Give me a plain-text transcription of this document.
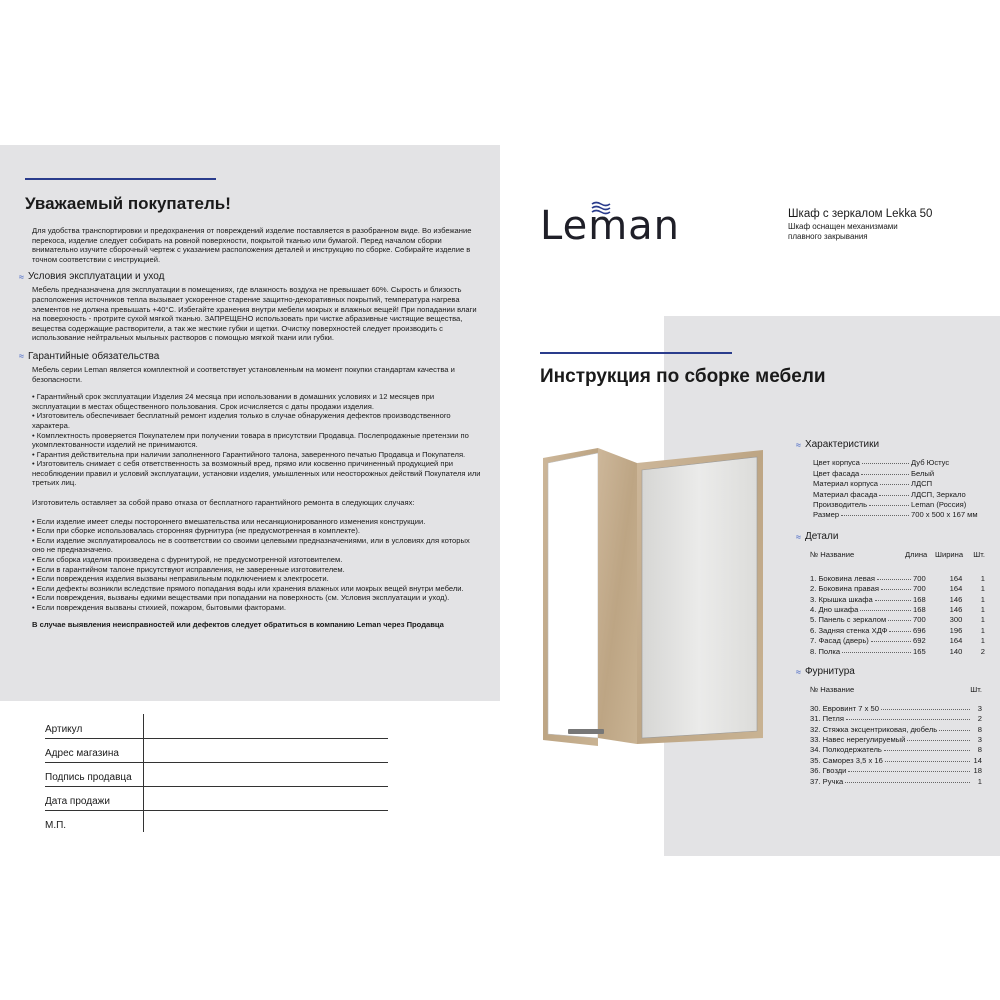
Уважаемый покупатель!

Для удобства транспортировки и предохранения от повреждений изделие поставляется в разобранном виде. Во избежание перекоса, изделие следует собирать на ровной поверхности, покрытой тканью или бумагой. Перед началом сборки внимательно изучите сборочный чертеж с указанием расположения деталей и инструкцию по сборке. Собирайте изделие в точном соответствии с инструкцией.

≈ Условия эксплуатации и уход

Мебель предназначена для эксплуатации в помещениях, где влажность воздуха не превышает 60%. Сырость и близость расположения источников тепла вызывает ускоренное старение защитно-декоративных покрытий, температура нагрева элементов не должна превышать +40°С. Избегайте хранения внутри мебели мокрых и влажных вещей! При попадании влаги на поверхность - протрите сухой мягкой тканью. ЗАПРЕЩЕНО использовать при чистке абразивные чистящие вещества, вещества содержащие растворители, а так же жесткие губки и щетки. Очистку поверхностей следует производить с использование нейтральных мыльных растворов с помощью мягкой ткани или губки.

≈ Гарантийные обязательства

Мебель серии Leman является комплектной и соответствует установленным на момент покупки стандартам качества и безопасности.

• Гарантийный срок эксплуатации Изделия 24 месяца при использовании в домашних условиях и 12 месяцев при эксплуатации в местах общественного пользования. Срок исчисляется с даты продажи изделия.

• Изготовитель обеспечивает бесплатный ремонт изделия только в случае обнаружения дефектов производственного характера.

• Комплектность проверяется Покупателем при получении товара в присутствии Продавца. Послепродажные претензии по укомплектованности изделий не принимаются.

• Гарантия действительна при наличии заполненного Гарантийного талона, заверенного печатью Продавца и Покупателя.

• Изготовитель снимает с себя ответственность за возможный вред, прямо или косвенно причиненный продукцией при несоблюдении правил и условий эксплуатации, установки изделия, умышленных или неосторожных действий Покупателя или третьих лиц.

Изготовитель оставляет за собой право отказа от бесплатного гарантийного ремонта в следующих случаях:

• Если изделие имеет следы постороннего вмешательства или несанкционированного изменения конструкции.

• Если при сборке использовалась сторонняя фурнитура (не предусмотренная в комплекте).

• Если изделие эксплуатировалось не в соответствии со своими целевыми предназначениями, или в условиях для которых оно не предназначено.

• Если сборка изделия произведена с фурнитурой, не предусмотренной изготовителем.

• Если в гарантийном талоне присутствуют исправления, не заверенные изготовителем.

• Если повреждения изделия вызваны неправильным подключением к электросети.

• Если дефекты возникли вследствие прямого попадания воды или хранения влажных или мокрых вещей внутри мебели.

• Если повреждения, вызваны едкими веществами при попадании на поверхность (см. Условия эксплуатации и уход).

• Если повреждения вызваны стихией, пожаром, бытовыми факторами.

В случае выявления неисправностей или дефектов следует обратиться в компанию Leman через Продавца

Артикул
Адрес магазина
Подпись продавца
Дата продажи
М.П.
Leman	Шкаф с зеркалом Lekka 50
Шкаф оснащен механизмами
плавного закрывания
Инструкция по сборке мебели
≈ Характеристики
Цвет корпуса	Дуб Юстус
Цвет фасада	Белый
Материал корпуса	ЛДСП
Материал фасада	ЛДСП, Зеркало
Производитель	Leman (Россия)
Размер	700 x 500 x 167 мм
≈ Детали
№ Название	Длина	Ширина	Шт.
1. Боковина левая	700	164	1
2. Боковина правая	700	164	1
3. Крышка шкафа	168	146	1
4. Дно шкафа	168	146	1
5. Панель с зеркалом	700	300	1
6. Задняя стенка ХДФ	696	196	1
7. Фасад (дверь)	692	164	1
8. Полка	165	140	2
≈ Фурнитура
№ Название	Шт.
30. Евровинт 7 x 50	3
31. Петля	2
32. Стяжка эксцентриковая, дюбель	8
33. Навес нерегулируемый	3
34. Полкодержатель	8
35. Саморез 3,5 x 16	14
36. Гвозди	18
37. Ручка	1
